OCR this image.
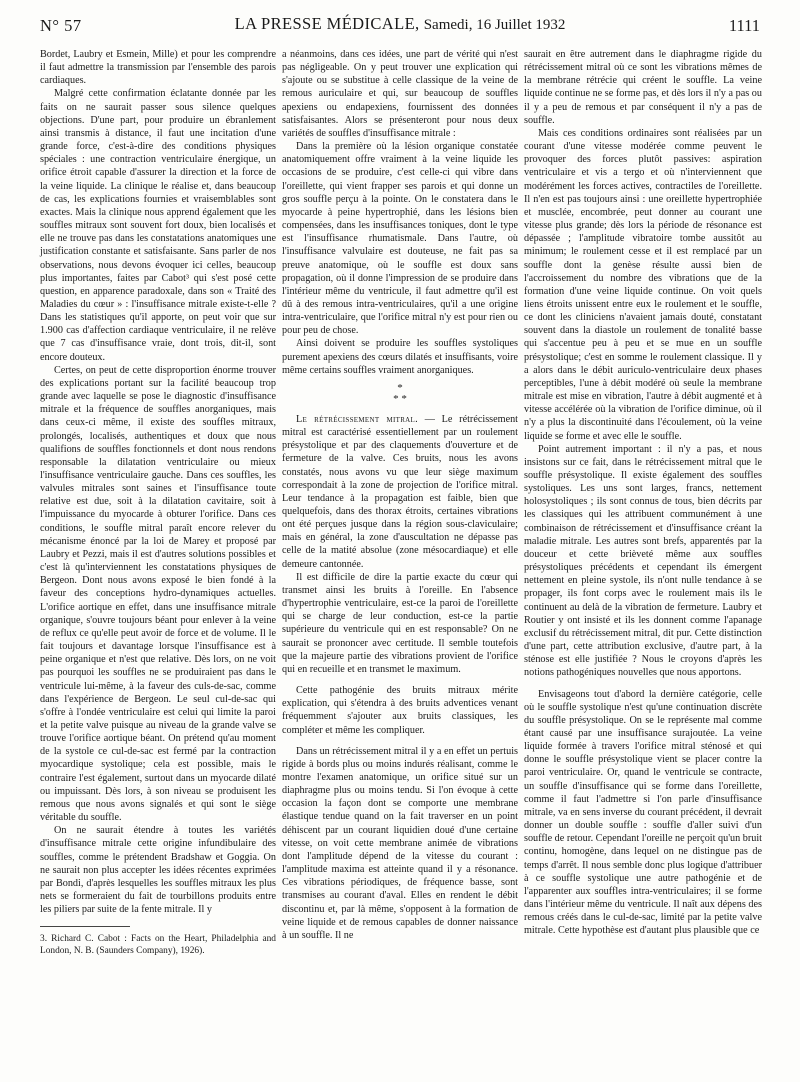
N° 57	LA PRESSE MÉDICALE, Samedi, 16 Juillet 1932	1111

Bordet, Laubry et Esmein, Mille) et pour les comprendre il faut admettre la transmission par l'ensemble des parois cardiaques.

Malgré cette confirmation éclatante donnée par les faits on ne saurait passer sous silence quelques objections. D'une part, pour produire un ébranlement ainsi transmis à distance, il faut une incitation d'une grande force, c'est-à-dire des conditions physiques spéciales : une contraction ventriculaire énergique, un orifice étroit capable d'assurer la direction et la force de la veine liquide. La clinique le réalise et, dans beaucoup de cas, les explications fournies et vraisemblables sont exactes. Mais la clinique nous apprend également que les souffles mitraux sont souvent fort doux, bien localisés et elle ne trouve pas dans les constatations anatomiques une justification constante et satisfaisante. Sans parler de nos observations, nous devons évoquer ici celles, beaucoup plus importantes, faites par Cabot³ qui s'est posé cette question, en apparence paradoxale, dans son « Traité des Maladies du cœur » : l'insuffisance mitrale existe-t-elle ? Dans les statistiques qu'il apporte, on peut voir que sur 1.900 cas d'affection cardiaque ventriculaire, il ne relève que 7 cas d'insuffisance vraie, dont trois, dit-il, sont encore douteux.

Certes, on peut de cette disproportion énorme trouver des explications portant sur la facilité beaucoup trop grande avec laquelle se pose le diagnostic d'insuffisance mitrale et la fréquence de souffles anorganiques, mais dans ceux-ci même, il existe des souffles mitraux, prolongés, localisés, authentiques et doux que nous qualifions de souffles fonctionnels et dont nous rendons responsable la dilatation ventriculaire ou mieux l'insuffisance ventriculaire gauche. Dans ces souffles, les valvules mitrales sont saines et l'insuffisance toute relative est due, soit à la dilatation cavitaire, soit à l'impuissance du myocarde à obturer l'orifice. Dans ces conditions, le souffle mitral paraît encore relever du mécanisme énoncé par la loi de Marey et proposé par Laubry et Pezzi, mais il est d'autres solutions possibles et c'est là qu'interviennent les constatations physiques de Bergeon. Dont nous avons exposé le bien fondé à la faveur des conceptions hydro-dynamiques actuelles. L'orifice aortique en effet, dans une insuffisance mitrale organique, s'ouvre toujours béant pour enlever à la veine de reflux ce qu'elle peut avoir de force et de volume. Il le fait toujours et davantage lorsque l'insuffisance est à peine organique et n'est que relative. Dès lors, on ne voit pas pourquoi les souffles ne se produiraient pas dans le ventricule lui-même, à la faveur des culs-de-sac, comme dans l'expérience de Bergeon. Le seul cul-de-sac qui s'offre à l'ondée ventriculaire est celui qui limite la paroi et la petite valve puisque au niveau de la grande valve se trouve l'orifice aortique béant. On prétend qu'au moment de la systole ce cul-de-sac est fermé par la contraction myocardique systolique; cela est possible, mais le contraire l'est également, surtout dans un myocarde dilaté ou impuissant. Dès lors, à son niveau se produisent les remous que nous avons signalés et qui sont le siège véritable du souffle.

On ne saurait étendre à toutes les variétés d'insuffisance mitrale cette origine infundibulaire des souffles, comme le prétendent Bradshaw et Goggia. On ne saurait non plus accepter les idées récentes exprimées par Bondi, d'après lesquelles les souffles mitraux les plus nets se formeraient du fait de tourbillons produits entre les piliers par suite de la fente mitrale. Il y

3. Richard C. Cabot : Facts on the Heart, Philadelphia and London, N. B. (Saunders Company), 1926).

a néanmoins, dans ces idées, une part de vérité qui n'est pas négligeable. On y peut trouver une explication qui s'ajoute ou se substitue à celle classique de la veine de remous auriculaire et qui, sur beaucoup de souffles apexiens ou endapexiens, fournissent des données satisfaisantes. Alors se présenteront pour nous deux variétés de souffles d'insuffisance mitrale :

Dans la première où la lésion organique constatée anatomiquement offre vraiment à la veine liquide les occasions de se produire, c'est celle-ci qui vibre dans l'oreillette, qui vient frapper ses parois et qui donne un gros souffle perçu à la pointe. On le constatera dans le myocarde à peine hypertrophié, dans les lésions bien compensées, dans les insuffisances toniques, dont le type est l'insuffisance rhumatismale. Dans l'autre, où l'insuffisance valvulaire est douteuse, ne fait pas sa preuve anatomique, où le souffle est doux sans propagation, où il donne l'impression de se produire dans l'intérieur même du ventricule, il faut admettre qu'il est dû à des remous intra-ventriculaires, qu'il a une origine intra-ventriculaire, que l'orifice mitral n'y est pour rien ou pour peu de chose.

Ainsi doivent se produire les souffles systoliques purement apexiens des cœurs dilatés et insuffisants, voire même certains souffles vraiment anorganiques.

*
* *

Le rétrécissement mitral. — Le rétrécissement mitral est caractérisé essentiellement par un roulement présystolique et par des claquements d'ouverture et de fermeture de la valve. Ces bruits, nous les avons constatés, nous avons vu que leur siège maximum correspondait à la zone de projection de l'orifice mitral. Leur tendance à la propagation est faible, bien que quelquefois, dans des thorax étroits, certaines vibrations ont été perçues jusque dans la région sous-claviculaire; mais en général, la zone d'auscultation ne dépasse pas celle de la matité absolue (zone mésocardiaque) et elle demeure cantonnée.

Il est difficile de dire la partie exacte du cœur qui transmet ainsi les bruits à l'oreille. En l'absence d'hypertrophie ventriculaire, est-ce la paroi de l'oreillette qui se charge de leur conduction, est-ce la partie supérieure du ventricule qui en est responsable? On ne saurait se prononcer avec certitude. Il semble toutefois que la majeure partie des vibrations provient de l'orifice qui en recueille et en transmet le maximum.

Cette pathogénie des bruits mitraux mérite explication, qui s'étendra à des bruits adventices venant fréquemment s'ajouter aux bruits classiques, les compléter et même les compliquer.

Dans un rétrécissement mitral il y a en effet un pertuis rigide à bords plus ou moins indurés réalisant, comme le montre l'examen anatomique, un orifice situé sur un diaphragme plus ou moins tendu. Si l'on évoque à cette occasion la façon dont se comporte une membrane élastique tendue quand on la fait traverser en un point déhiscent par un courant liquidien doué d'une certaine vitesse, on voit cette membrane animée de vibrations dont l'amplitude dépend de la vitesse du courant : l'amplitude maxima est atteinte quand il y a résonance. Ces vibrations périodiques, de fréquence basse, sont transmises au courant d'aval. Elles en rendent le débit discontinu et, par là même, s'opposent à la formation de veine liquide et de remous capables de donner naissance à un souffle. Il ne

saurait en être autrement dans le diaphragme rigide du rétrécissement mitral où ce sont les vibrations mêmes de la membrane rétrécie qui créent le souffle. La veine liquide continue ne se forme pas, et dès lors il n'y a pas ou il y a peu de remous et par conséquent il n'y a pas de souffle.

Mais ces conditions ordinaires sont réalisées par un courant d'une vitesse modérée comme peuvent le provoquer des forces plutôt passives: aspiration ventriculaire et vis a tergo et où n'interviennent que modérément les forces actives, contractiles de l'oreillette. Il n'en est pas toujours ainsi : une oreillette hypertrophiée et musclée, encombrée, peut donner au courant une vitesse plus grande; dès lors la période de résonance est dépassée ; l'amplitude vibratoire tombe aussitôt au minimum; le roulement cesse et il est remplacé par un souffle dont la genèse résulte aussi bien de l'accroissement du nombre des vibrations que de la formation d'une veine liquide continue. On voit quels liens étroits unissent entre eux le roulement et le souffle, ce dont les cliniciens n'avaient jamais douté, constatant souvent dans la diastole un roulement de tonalité basse qui s'accentue peu à peu et se mue en un souffle présystolique; c'est en somme le roulement classique. Il y a alors dans le débit auriculo-ventriculaire deux phases perceptibles, l'une à débit modéré où seule la membrane mitrale est mise en vibration, l'autre à débit augmenté et à vitesse accélérée où la vibration de l'orifice diminue, où il n'y a plus la discontinuité dans l'écoulement, où la veine liquide se forme et avec elle le souffle.

Point autrement important : il n'y a pas, et nous insistons sur ce fait, dans le rétrécissement mitral que le souffle présystolique. Il existe également des souffles systoliques. Les uns sont larges, francs, nettement holosystoliques ; ils sont connus de tous, bien décrits par les classiques qui les attribuent communément à une combinaison de rétrécissement et d'insuffisance créant la maladie mitrale. Les autres sont brefs, apparentés par la douceur et cette brièveté même aux souffles présystoliques précédents et cependant ils émergent nettement en pleine systole, ils n'ont nulle tendance à se propager, ils font corps avec le roulement mais ils le continuent au delà de la vibration de fermeture. Laubry et Routier y ont insisté et ils les donnent comme l'apanage exclusif du rétrécissement mitral, dit pur. Cette distinction d'une part, cette attribution exclusive, d'autre part, à la sténose est elle justifiée ? Nous le croyons d'après les notions pathogéniques nouvelles que nous apportons.

Envisageons tout d'abord la dernière catégorie, celle où le souffle systolique n'est qu'une continuation discrète du souffle présystolique. On se le représente mal comme étant causé par une insuffisance surajoutée. La veine liquide formée à travers l'orifice mitral sténosé et qui donne le souffle présystolique vient se placer contre la paroi ventriculaire. Or, quand le ventricule se contracte, un souffle d'insuffisance qui se forme dans l'oreillette, comme il faut l'admettre si l'on parle d'insuffisance mitrale, va en sens inverse du courant précédent, il devrait donner un double souffle : souffle d'aller suivi d'un souffle de retour. Cependant l'oreille ne perçoit qu'un bruit continu, homogène, dans lequel on ne distingue pas de temps d'arrêt. Il nous semble donc plus logique d'attribuer à ce souffle systolique une autre pathogénie et de l'apparenter aux souffles intra-ventriculaires; il se forme dans l'intérieur même du ventricule. Il naît aux dépens des remous créés dans le cul-de-sac, limité par la petite valve mitrale. Cette hypothèse est d'autant plus plausible que ce
